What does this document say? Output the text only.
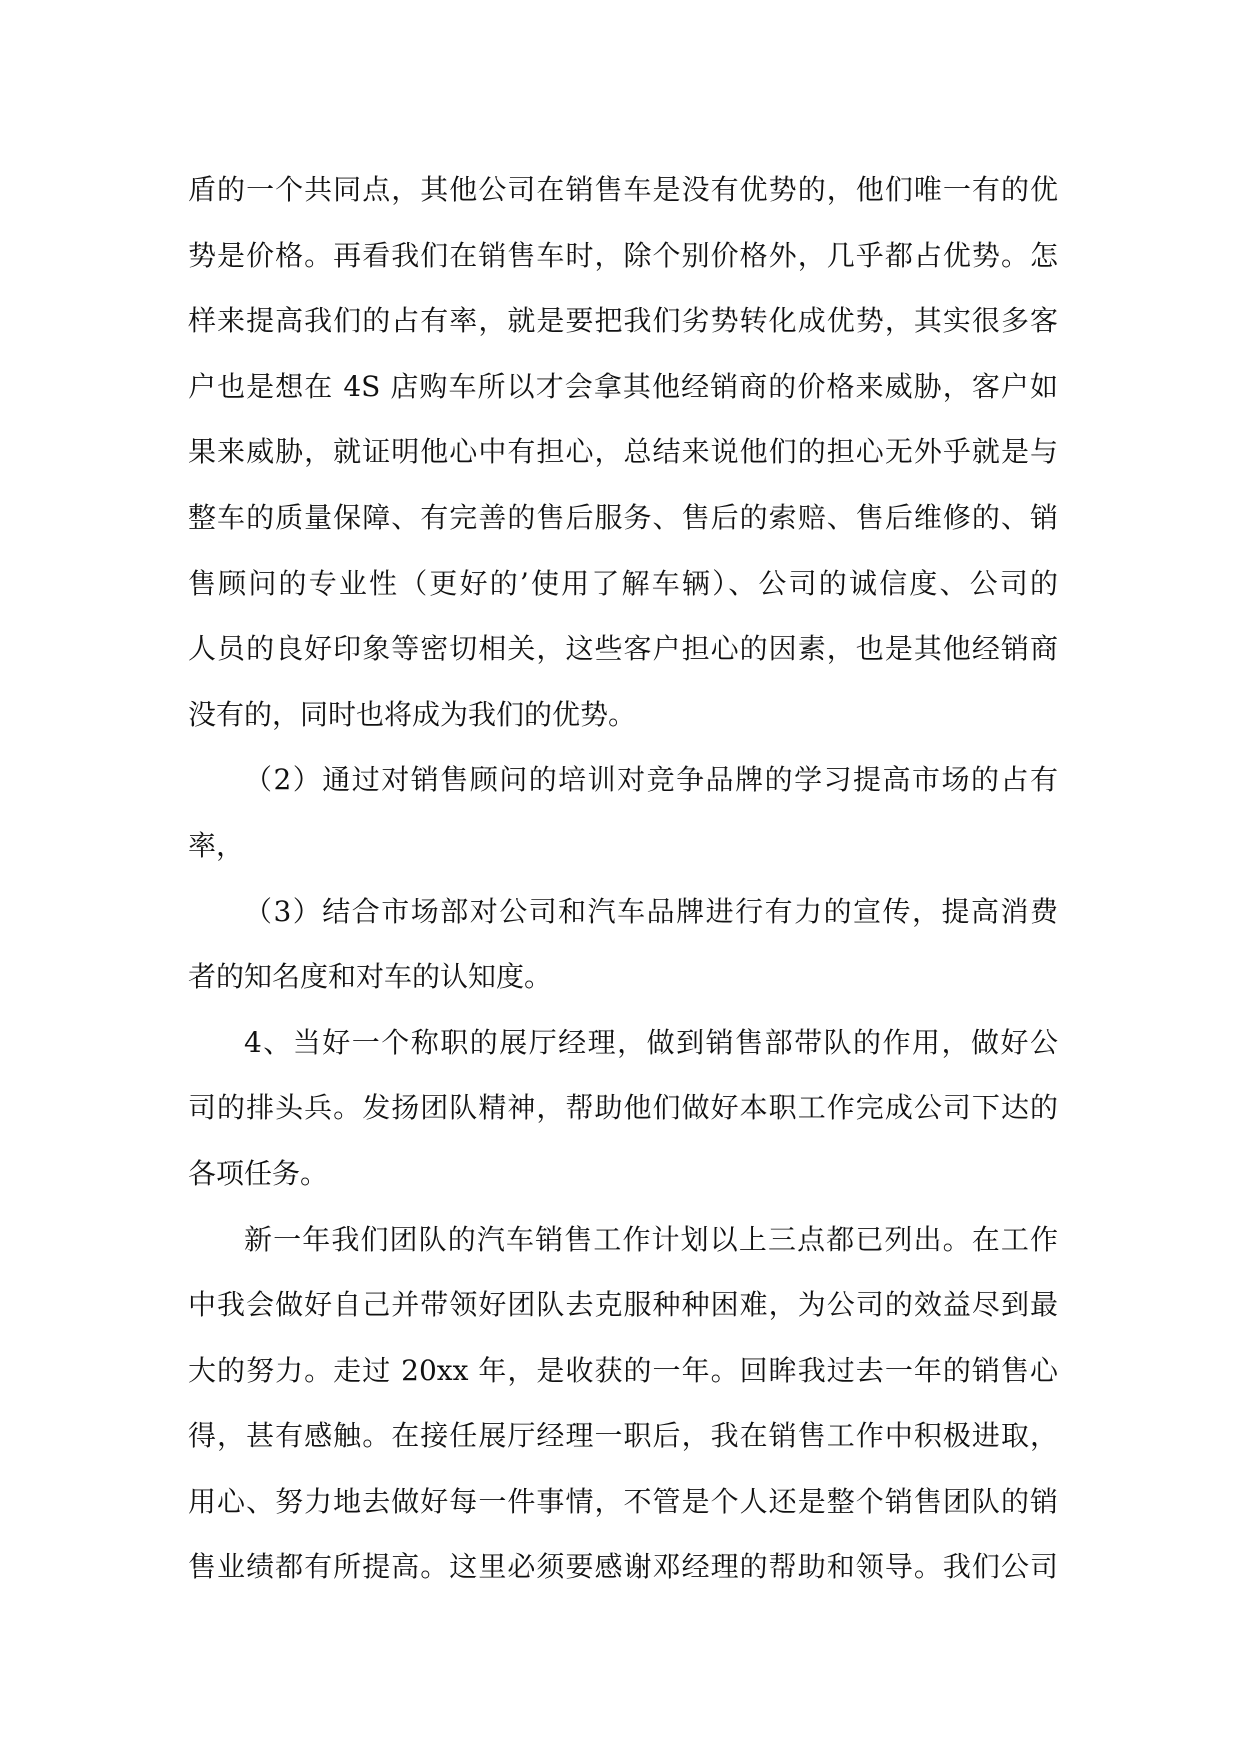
盾的一个共同点，其他公司在销售车是没有优势的，他们唯一有的优
势是价格。再看我们在销售车时，除个别价格外，几乎都占优势。怎
样来提高我们的占有率，就是要把我们劣势转化成优势，其实很多客
户也是想在 4S 店购车所以才会拿其他经销商的价格来威胁，客户如
果来威胁，就证明他心中有担心，总结来说他们的担心无外乎就是与
整车的质量保障、有完善的售后服务、售后的索赔、售后维修的、销
售顾问的专业性（更好的’使用了解车辆）、公司的诚信度、公司的
人员的良好印象等密切相关，这些客户担心的因素，也是其他经销商
没有的，同时也将成为我们的优势。
（2）通过对销售顾问的培训对竞争品牌的学习提高市场的占有
率，
（3）结合市场部对公司和汽车品牌进行有力的宣传，提高消费
者的知名度和对车的认知度。
4、当好一个称职的展厅经理，做到销售部带队的作用，做好公
司的排头兵。发扬团队精神，帮助他们做好本职工作完成公司下达的
各项任务。
新一年我们团队的汽车销售工作计划以上三点都已列出。在工作
中我会做好自己并带领好团队去克服种种困难，为公司的效益尽到最
大的努力。走过 20xx 年，是收获的一年。回眸我过去一年的销售心
得，甚有感触。在接任展厅经理一职后，我在销售工作中积极进取，
用心、努力地去做好每一件事情，不管是个人还是整个销售团队的销
售业绩都有所提高。这里必须要感谢邓经理的帮助和领导。我们公司
